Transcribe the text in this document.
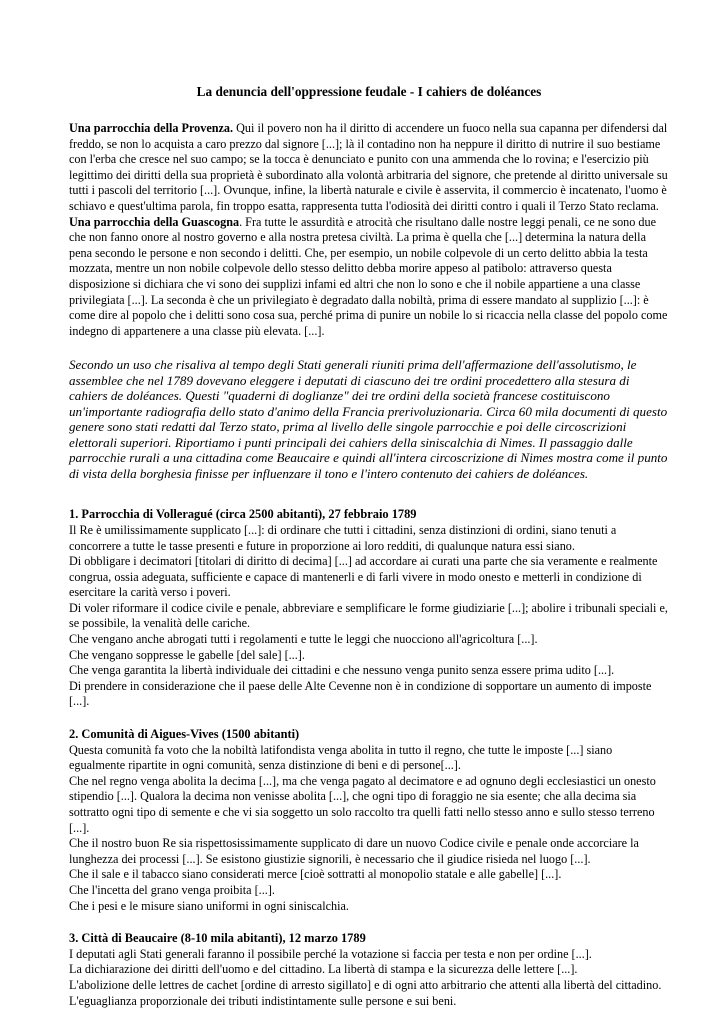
La denuncia dell'oppressione feudale - I cahiers de doléances

Una parrocchia della Provenza. Qui il povero non ha il diritto di accendere un fuoco nella sua capanna per difendersi dal freddo, se non lo acquista a caro prezzo dal signore [...]; là il contadino non ha neppure il diritto di nutrire il suo bestiame con l'erba che cresce nel suo campo; se la tocca è denunciato e punito con una ammenda che lo rovina; e l'esercizio più legittimo dei diritti della sua proprietà è subordinato alla volontà arbitraria del signore, che pretende al diritto universale su tutti i pascoli del territorio [...]. Ovunque, infine, la libertà naturale e civile è asservita, il commercio è incatenato, l'uomo è schiavo e quest'ultima parola, fin troppo esatta, rappresenta tutta l'odiosità dei diritti contro i quali il Terzo Stato reclama.

Una parrocchia della Guascogna. Fra tutte le assurdità e atrocità che risultano dalle nostre leggi penali, ce ne sono due che non fanno onore al nostro governo e alla nostra pretesa civiltà. La prima è quella che [...] determina la natura della pena secondo le persone e non secondo i delitti. Che, per esempio, un nobile colpevole di un certo delitto abbia la testa mozzata, mentre un non nobile colpevole dello stesso delitto debba morire appeso al patibolo: attraverso questa disposizione si dichiara che vi sono dei supplizi infami ed altri che non lo sono e che il nobile appartiene a una classe privilegiata [...]. La seconda è che un privilegiato è degradato dalla nobiltà, prima di essere mandato al supplizio [...]: è come dire al popolo che i delitti sono cosa sua, perché prima di punire un nobile lo si ricaccia nella classe del popolo come indegno di appartenere a una classe più elevata. [...].

Secondo un uso che risaliva al tempo degli Stati generali riuniti prima dell'affermazione dell'assolutismo, le assemblee che nel 1789 dovevano eleggere i deputati di ciascuno dei tre ordini procedettero alla stesura di cahiers de doléances. Questi "quaderni di doglianze" dei tre ordini della società francese costituiscono un'importante radiografia dello stato d'animo della Francia prerivoluzionaria. Circa 60 mila documenti di questo genere sono stati redatti dal Terzo stato, prima al livello delle singole parrocchie e poi delle circoscrizioni elettorali superiori. Riportiamo i punti principali dei cahiers della siniscalchia di Nimes. Il passaggio dalle parrocchie rurali a una cittadina come Beaucaire e quindi all'intera circoscrizione di Nimes mostra come il punto di vista della borghesia finisse per influenzare il tono e l'intero contenuto dei cahiers de doléances.

1. Parrocchia di Volleragué (circa 2500 abitanti), 27 febbraio 1789

Il Re è umilissimamente supplicato [...]: di ordinare che tutti i cittadini, senza distinzioni di ordini, siano tenuti a concorrere a tutte le tasse presenti e future in proporzione ai loro redditi, di qualunque natura essi siano.

Di obbligare i decimatori [titolari di diritto di decima] [...] ad accordare ai curati una parte che sia veramente e realmente congrua, ossia adeguata, sufficiente e capace di mantenerli e di farli vivere in modo onesto e metterli in condizione di esercitare la carità verso i poveri.

Di voler riformare il codice civile e penale, abbreviare e semplificare le forme giudiziarie [...]; abolire i tribunali speciali e, se possibile, la venalità delle cariche.

Che vengano anche abrogati tutti i regolamenti e tutte le leggi che nuocciono all'agricoltura [...].

Che vengano soppresse le gabelle [del sale] [...].

Che venga garantita la libertà individuale dei cittadini e che nessuno venga punito senza essere prima udito [...].

Di prendere in considerazione che il paese delle Alte Cevenne non è in condizione di sopportare un aumento di imposte [...].

2. Comunità di Aigues-Vives (1500 abitanti)

Questa comunità fa voto che la nobiltà latifondista venga abolita in tutto il regno, che tutte le imposte [...] siano egualmente ripartite in ogni comunità, senza distinzione di beni e di persone[...].

Che nel regno venga abolita la decima [...], ma che venga pagato al decimatore e ad ognuno degli ecclesiastici un onesto stipendio [...]. Qualora la decima non venisse abolita [...], che ogni tipo di foraggio ne sia esente; che alla decima sia sottratto ogni tipo di semente e che vi sia soggetto un solo raccolto tra quelli fatti nello stesso anno e sullo stesso terreno [...].

Che il nostro buon Re sia rispettosissimamente supplicato di dare un nuovo Codice civile e penale onde accorciare la lunghezza dei processi [...]. Se esistono giustizie signorili, è necessario che il giudice risieda nel luogo [...].

Che il sale e il tabacco siano considerati merce [cioè sottratti al monopolio statale e alle gabelle] [...].

Che l'incetta del grano venga proibita [...].

Che i pesi e le misure siano uniformi in ogni siniscalchia.

3. Città di Beaucaire (8-10 mila abitanti), 12 marzo 1789

I deputati agli Stati generali faranno il possibile perché la votazione si faccia per testa e non per ordine [...].

La dichiarazione dei diritti dell'uomo e del cittadino. La libertà di stampa e la sicurezza delle lettere [...].

L'abolizione delle lettres de cachet [ordine di arresto sigillato] e di ogni atto arbitrario che attenti alla libertà del cittadino.

L'eguaglianza proporzionale dei tributi indistintamente sulle persone e sui beni.
